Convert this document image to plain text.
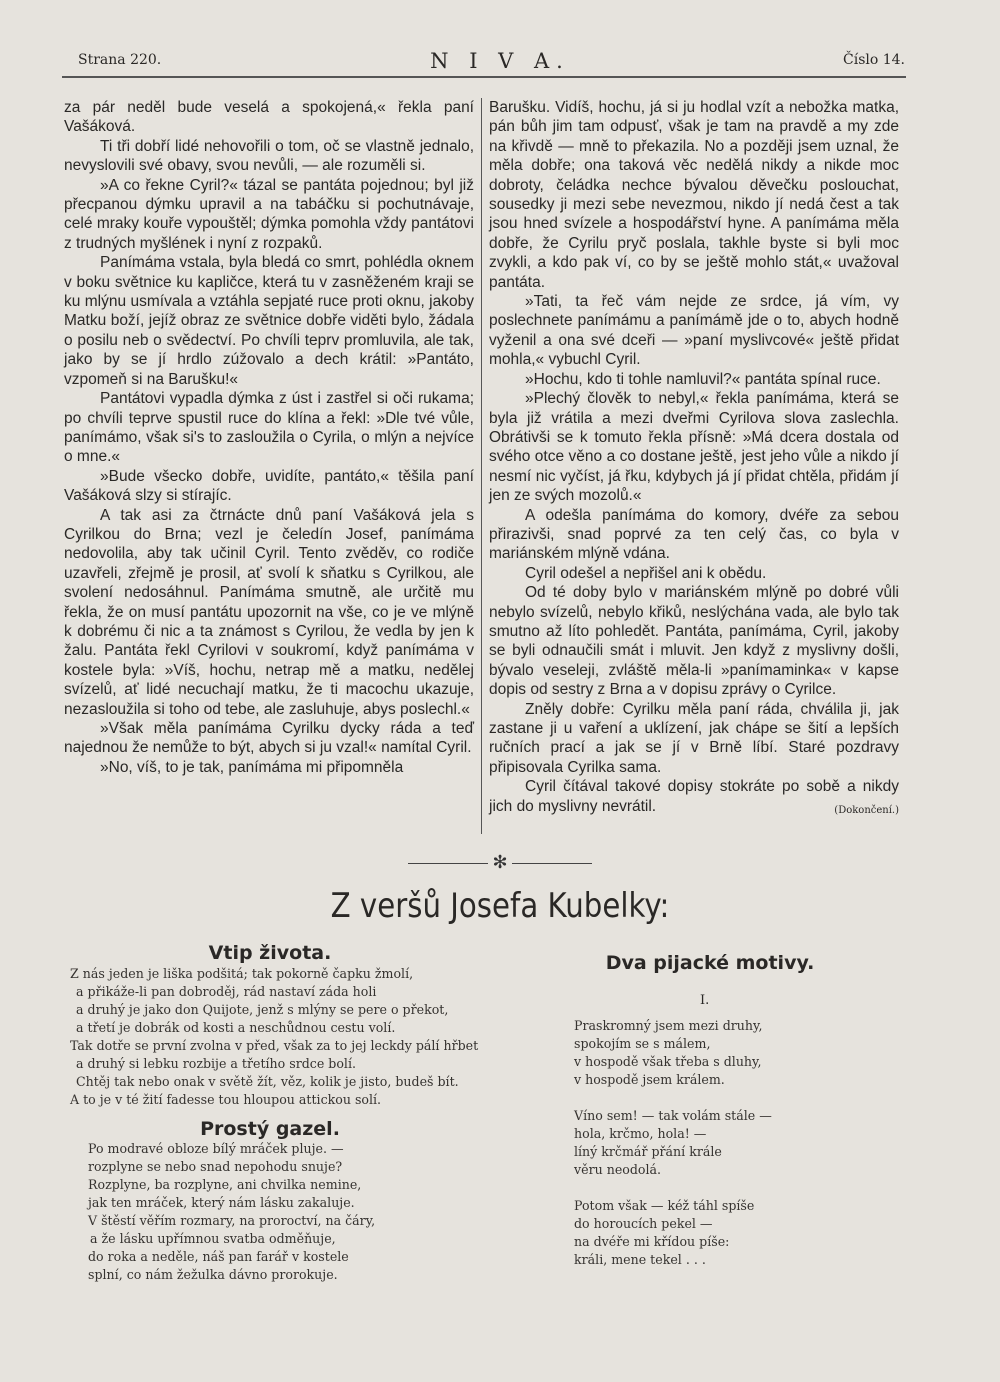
Strana 220.	N I V A.	Číslo 14.

za pár neděl bude veselá a spokojená,« řekla paní Vašáková.

Ti tři dobří lidé nehovořili o tom, oč se vlastně jednalo, nevyslovili své obavy, svou nevůli, — ale rozuměli si.

»A co řekne Cyril?« tázal se pantáta pojednou; byl již přecpanou dýmku upravil a na tabáčku si pochutnávaje, celé mraky kouře vypouštěl; dýmka pomohla vždy pantátovi z trudných myšlének i nyní z rozpaků.

Panímáma vstala, byla bledá co smrt, pohlédla oknem v boku světnice ku kapličce, která tu v zasněženém kraji se ku mlýnu usmívala a vztáhla sepjaté ruce proti oknu, jakoby Matku boží, jejíž obraz ze světnice dobře viděti bylo, žádala o posilu neb o svědectví. Po chvíli teprv promluvila, ale tak, jako by se jí hrdlo zúžovalo a dech krátil: »Pantáto, vzpomeň si na Barušku!«

Pantátovi vypadla dýmka z úst i zastřel si oči rukama; po chvíli teprve spustil ruce do klína a řekl: »Dle tvé vůle, panímámo, však si's to zasloužila o Cyrila, o mlýn a nejvíce o mne.«

»Bude všecko dobře, uvidíte, pantáto,« těšila paní Vašáková slzy si stírajíc.

A tak asi za čtrnácte dnů paní Vašáková jela s Cyrilkou do Brna; vezl je čeledín Josef, panímáma nedovolila, aby tak učinil Cyril. Tento zvěděv, co rodiče uzavřeli, zřejmě je prosil, ať svolí k sňatku s Cyrilkou, ale svolení nedosáhnul. Panímáma smutně, ale určitě mu řekla, že on musí pantátu upozornit na vše, co je ve mlýně k dobrému či nic a ta známost s Cyrilou, že vedla by jen k žalu. Pantáta řekl Cyrilovi v soukromí, když panímáma v kostele byla: »Víš, hochu, netrap mě a matku, nedělej svízelů, ať lidé necuchají matku, že ti macochu ukazuje, nezasloužila si toho od tebe, ale zasluhuje, abys poslechl.«

»Však měla panímáma Cyrilku dycky ráda a teď najednou že nemůže to být, abych si ju vzal!« namítal Cyril.

»No, víš, to je tak, panímáma mi připomněla

Barušku. Vidíš, hochu, já si ju hodlal vzít a nebožka matka, pán bůh jim tam odpusť, však je tam na pravdě a my zde na křivdě — mně to překazila. No a později jsem uznal, že měla dobře; ona taková věc nedělá nikdy a nikde moc dobroty, čeládka nechce bývalou děvečku poslouchat, sousedky ji mezi sebe nevezmou, nikdo jí nedá čest a tak jsou hned svízele a hospodářství hyne. A panímáma měla dobře, že Cyrilu pryč poslala, takhle byste si byli moc zvykli, a kdo pak ví, co by se ještě mohlo stát,« uvažoval pantáta.

»Tati, ta řeč vám nejde ze srdce, já vím, vy poslechnete panímámu a panímámě jde o to, abych hodně vyženil a ona své dceři — »paní myslivcové« ještě přidat mohla,« vybuchl Cyril.

»Hochu, kdo ti tohle namluvil?« pantáta spínal ruce.

»Plechý člověk to nebyl,« řekla panímáma, která se byla již vrátila a mezi dveřmi Cyrilova slova zaslechla. Obrátivši se k tomuto řekla přísně: »Má dcera dostala od svého otce věno a co dostane ještě, jest jeho vůle a nikdo jí nesmí nic vyčíst, já řku, kdybych já jí přidat chtěla, přidám jí jen ze svých mozolů.«

A odešla panímáma do komory, dvéře za sebou přirazivši, snad poprvé za ten celý čas, co byla v mariánském mlýně vdána.

Cyril odešel a nepřišel ani k obědu.

Od té doby bylo v mariánském mlýně po dobré vůli nebylo svízelů, nebylo křiků, neslýchána vada, ale bylo tak smutno až líto pohledět. Pantáta, panímáma, Cyril, jakoby se byli odnaučili smát i mluvit. Jen když z myslivny došli, bývalo veseleji, zvláště měla-li »panímaminka« v kapse dopis od sestry z Brna a v dopisu zprávy o Cyrilce.

Zněly dobře: Cyrilku měla paní ráda, chválila ji, jak zastane ji u vaření a uklízení, jak chápe se šití a lepších ručních prací a jak se jí v Brně líbí. Staré pozdravy připisovala Cyrilka sama.

Cyril čítával takové dopisy stokráte po sobě a nikdy jich do myslivny nevrátil.	(Dokončení.)

✻
Z veršů Josefa Kubelky:
Vtip života.
Z nás jeden je liška podšitá; tak pokorně čapku žmolí,
a přikáže-li pan dobroděj, rád nastaví záda holi
a druhý je jako don Quijote, jenž s mlýny se pere o překot,
a třetí je dobrák od kosti a neschůdnou cestu volí.
Tak dotře se první zvolna v před, však za to jej leckdy pálí hřbet
a druhý si lebku rozbije a třetího srdce bolí.
Chtěj tak nebo onak v světě žít, věz, kolik je jisto, budeš bít.
A to je v té žití fadesse tou hloupou attickou solí.
Prostý gazel.
Po modravé obloze bílý mráček pluje. —
rozplyne se nebo snad nepohodu snuje?
Rozplyne, ba rozplyne, ani chvilka nemine,
jak ten mráček, který nám lásku zakaluje.
V štěstí věřím rozmary, na proroctví, na čáry,
a že lásku upřímnou svatba odměňuje,
do roka a neděle, náš pan farář v kostele
splní, co nám žežulka dávno prorokuje.
Dva pijacké motivy.
I.
Praskromný jsem mezi druhy,
spokojím se s málem,
v hospodě však třeba s dluhy,
v hospodě jsem králem.
Víno sem! — tak volám stále —
hola, krčmo, hola! —
líný krčmář přání krále
věru neodolá.
Potom však — kéž táhl spíše
do horoucích pekel —
na dvéře mi křídou píše:
králi, mene tekel . . .
